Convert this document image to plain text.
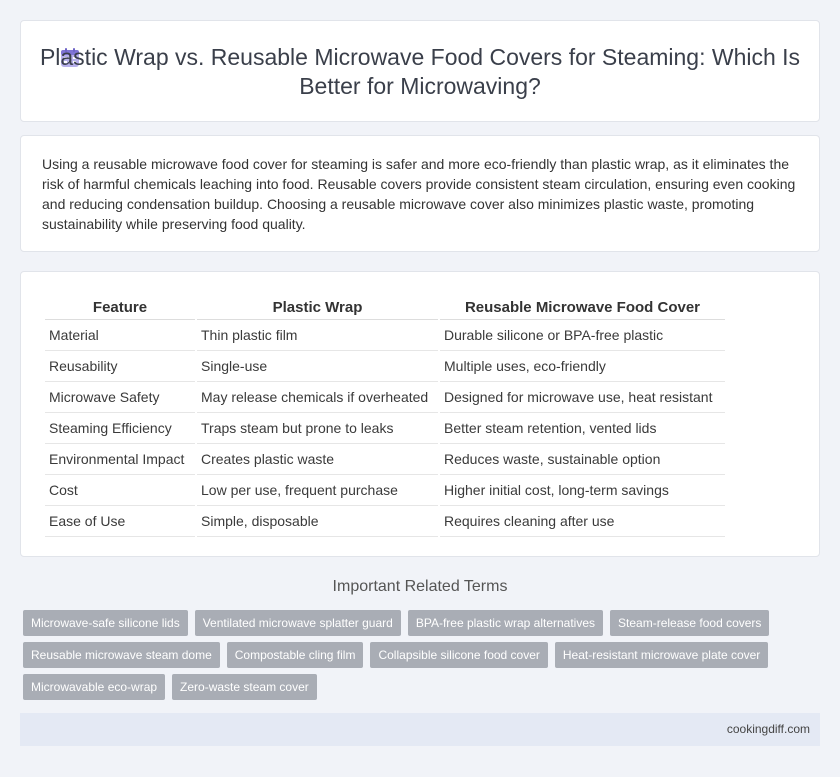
Plastic Wrap vs. Reusable Microwave Food Covers for Steaming: Which Is Better for Microwaving?

Using a reusable microwave food cover for steaming is safer and more eco-friendly than plastic wrap, as it eliminates the risk of harmful chemicals leaching into food. Reusable covers provide consistent steam circulation, ensuring even cooking and reducing condensation buildup. Choosing a reusable microwave cover also minimizes plastic waste, promoting sustainability while preserving food quality.

Feature	Plastic Wrap	Reusable Microwave Food Cover
Material	Thin plastic film	Durable silicone or BPA-free plastic
Reusability	Single-use	Multiple uses, eco-friendly
Microwave Safety	May release chemicals if overheated	Designed for microwave use, heat resistant
Steaming Efficiency	Traps steam but prone to leaks	Better steam retention, vented lids
Environmental Impact	Creates plastic waste	Reduces waste, sustainable option
Cost	Low per use, frequent purchase	Higher initial cost, long-term savings
Ease of Use	Simple, disposable	Requires cleaning after use
Important Related Terms
Microwave-safe silicone lids	Ventilated microwave splatter guard	BPA-free plastic wrap alternatives	Steam-release food covers
Reusable microwave steam dome	Compostable cling film	Collapsible silicone food cover	Heat-resistant microwave plate cover
Microwavable eco-wrap	Zero-waste steam cover
cookingdiff.com
